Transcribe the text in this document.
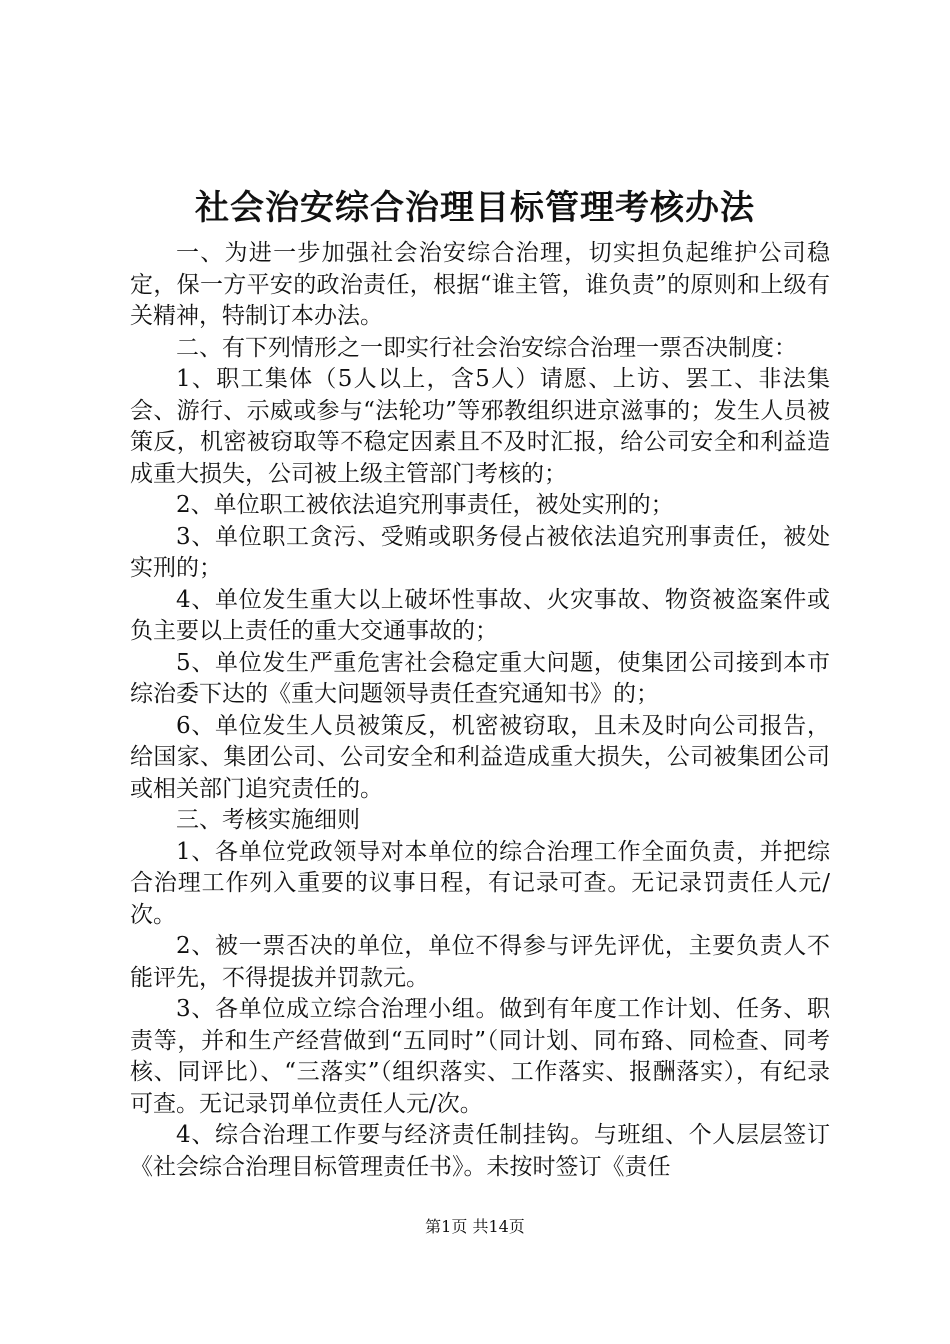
社会治安综合治理目标管理考核办法

一、为进一步加强社会治安综合治理，切实担负起维护公司稳定，保一方平安的政治责任，根据“谁主管，谁负责”的原则和上级有关精神，特制订本办法。

二、有下列情形之一即实行社会治安综合治理一票否决制度：

1、职工集体（5人以上，含5人）请愿、上访、罢工、非法集会、游行、示威或参与“法轮功”等邪教组织进京滋事的；发生人员被策反，机密被窃取等不稳定因素且不及时汇报，给公司安全和利益造成重大损失，公司被上级主管部门考核的；

2、单位职工被依法追究刑事责任，被处实刑的；

3、单位职工贪污、受贿或职务侵占被依法追究刑事责任，被处实刑的；

4、单位发生重大以上破坏性事故、火灾事故、物资被盗案件或负主要以上责任的重大交通事故的；

5、单位发生严重危害社会稳定重大问题，使集团公司接到本市综治委下达的《重大问题领导责任查究通知书》的；

6、单位发生人员被策反，机密被窃取，且未及时向公司报告，给国家、集团公司、公司安全和利益造成重大损失，公司被集团公司或相关部门追究责任的。

三、考核实施细则

1、各单位党政领导对本单位的综合治理工作全面负责，并把综合治理工作列入重要的议事日程，有记录可查。无记录罚责任人元/次。

2、被一票否决的单位，单位不得参与评先评优，主要负责人不能评先，不得提拔并罚款元。

3、各单位成立综合治理小组。做到有年度工作计划、任务、职责等，并和生产经营做到“五同时”（同计划、同布臵、同检查、同考核、同评比）、“三落实”（组织落实、工作落实、报酬落实），有纪录可查。无记录罚单位责任人元/次。

4、综合治理工作要与经济责任制挂钩。与班组、个人层层签订《社会综合治理目标管理责任书》。未按时签订《责任

第1页 共14页
